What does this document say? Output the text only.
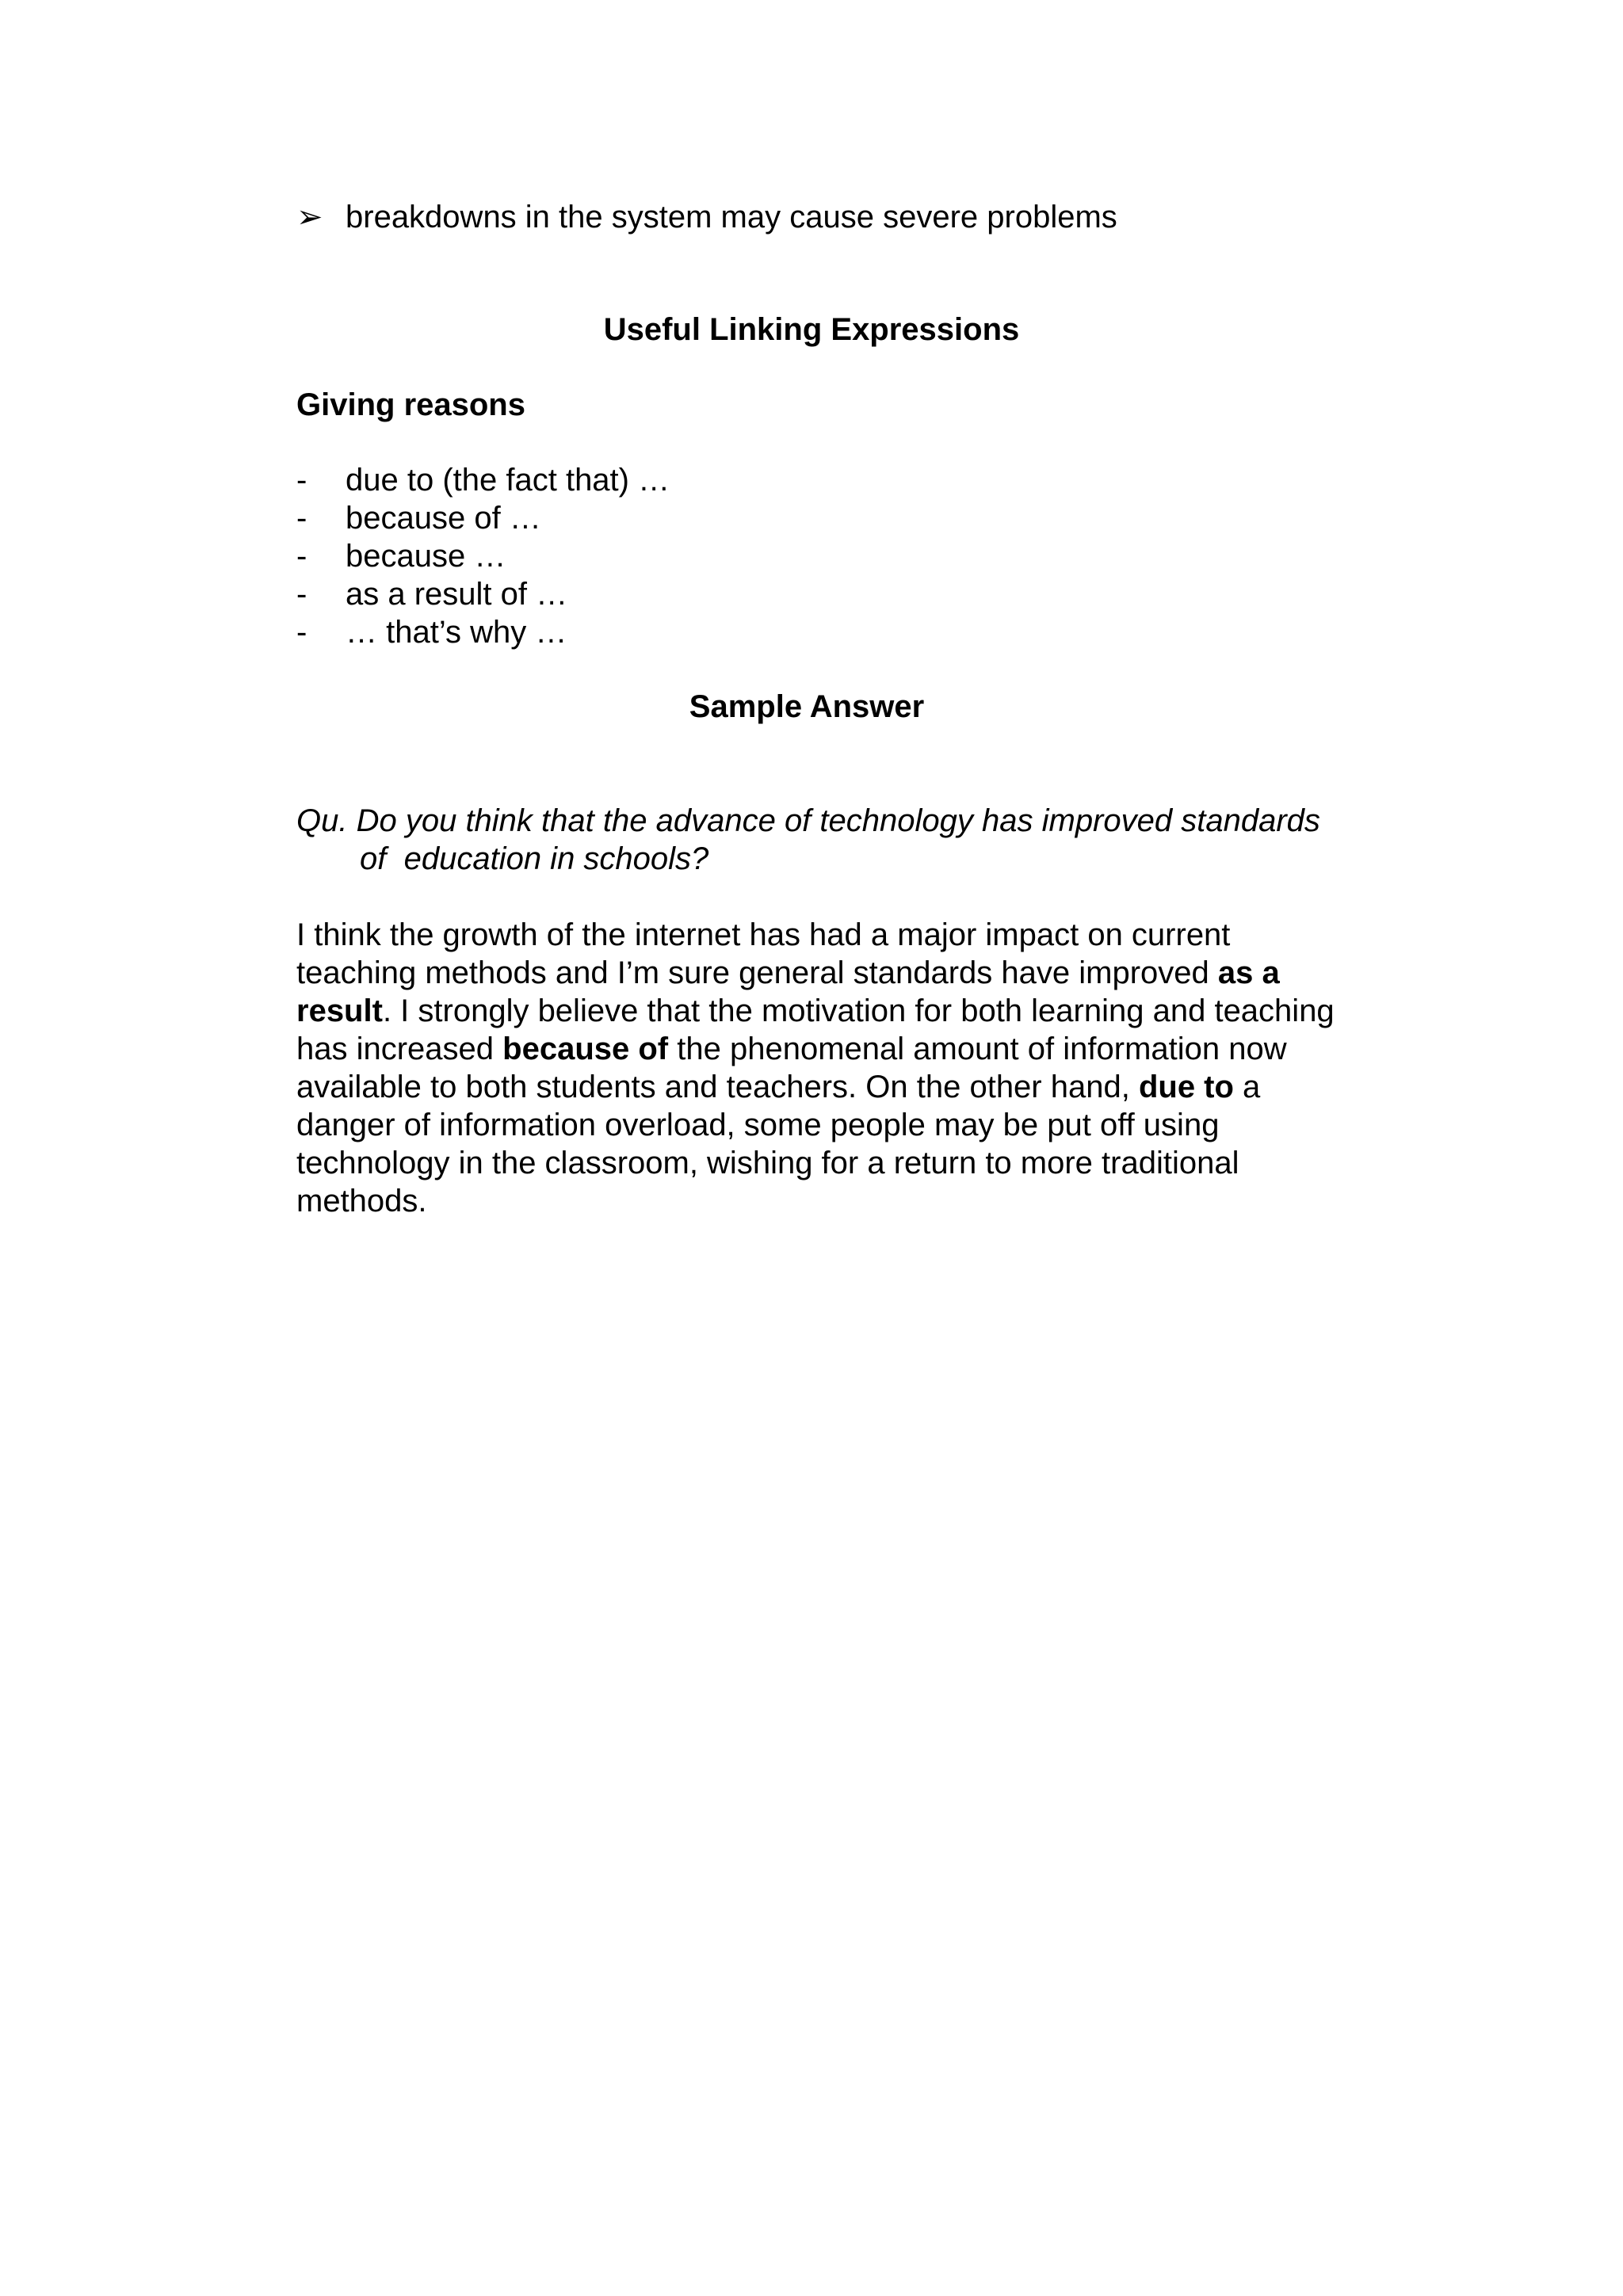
➢ breakdowns in the system may cause severe problems
Useful Linking Expressions
Giving reasons
- due to (the fact that) …
- because of …
- because …
- as a result of …
- … that’s why …
Sample Answer
Qu. Do you think that the advance of technology has improved standards
of  education in schools?
I think the growth of the internet has had a major impact on current
teaching methods and I’m sure general standards have improved as a
result. I strongly believe that the motivation for both learning and teaching
has increased because of the phenomenal amount of information now
available to both students and teachers. On the other hand, due to a
danger of information overload, some people may be put off using
technology in the classroom, wishing for a return to more traditional
methods.
